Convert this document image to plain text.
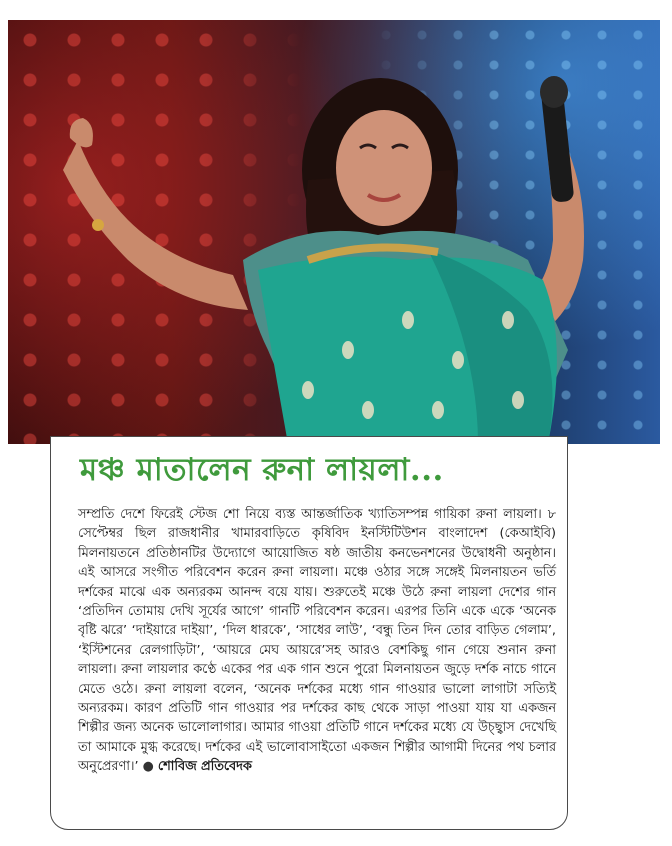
মঞ্চ মাতালেন রুনা লায়লা...

সম্প্রতি দেশে ফিরেই স্টেজ শো নিয়ে ব্যস্ত আন্তর্জাতিক খ্যাতিসম্পন্ন গায়িকা রুনা লায়লা। ৮ সেপ্টেম্বর ছিল রাজধানীর খামারবাড়িতে কৃষিবিদ ইনস্টিটিউশন বাংলাদেশ (কেআইবি) মিলনায়তনে প্রতিষ্ঠানটির উদ্যোগে আয়োজিত ষষ্ঠ জাতীয় কনভেনশনের উদ্বোধনী অনুষ্ঠান। এই আসরে সংগীত পরিবেশন করেন রুনা লায়লা। মঞ্চে ওঠার সঙ্গে সঙ্গেই মিলনায়তন ভর্তি দর্শকের মাঝে এক অন্যরকম আনন্দ বয়ে যায়। শুরুতেই মঞ্চে উঠে রুনা লায়লা দেশের গান ‘প্রতিদিন তোমায় দেখি সূর্যের আগে’ গানটি পরিবেশন করেন। এরপর তিনি একে একে ‘অনেক বৃষ্টি ঝরে’ ‘দাইয়ারে দাইয়া’, ‘দিল ধারকে’, ‘সাধের লাউ’, ‘বন্ধু তিন দিন তোর বাড়িত গেলাম’, ‘ইস্টিশনের রেলগাড়িটা’, ‘আয়রে মেঘ আয়রে’সহ আরও বেশকিছু গান গেয়ে শুনান রুনা লায়লা। রুনা লায়লার কণ্ঠে একের পর এক গান শুনে পুরো মিলনায়তন জুড়ে দর্শক নাচে গানে মেতে ওঠে। রুনা লায়লা বলেন, ‘অনেক দর্শকের মধ্যে গান গাওয়ার ভালো লাগাটা সত্যিই অন্যরকম। কারণ প্রতিটি গান গাওয়ার পর দর্শকের কাছ থেকে সাড়া পাওয়া যায় যা একজন শিল্পীর জন্য অনেক ভালোলাগার। আমার গাওয়া প্রতিটি গানে দর্শকের মধ্যে যে উচ্ছ্বাস দেখেছি তা আমাকে মুগ্ধ করেছে। দর্শকের এই ভালোবাসাইতো একজন শিল্পীর আগামী দিনের পথ চলার অনুপ্রেরণা।’ ● শোবিজ প্রতিবেদক
